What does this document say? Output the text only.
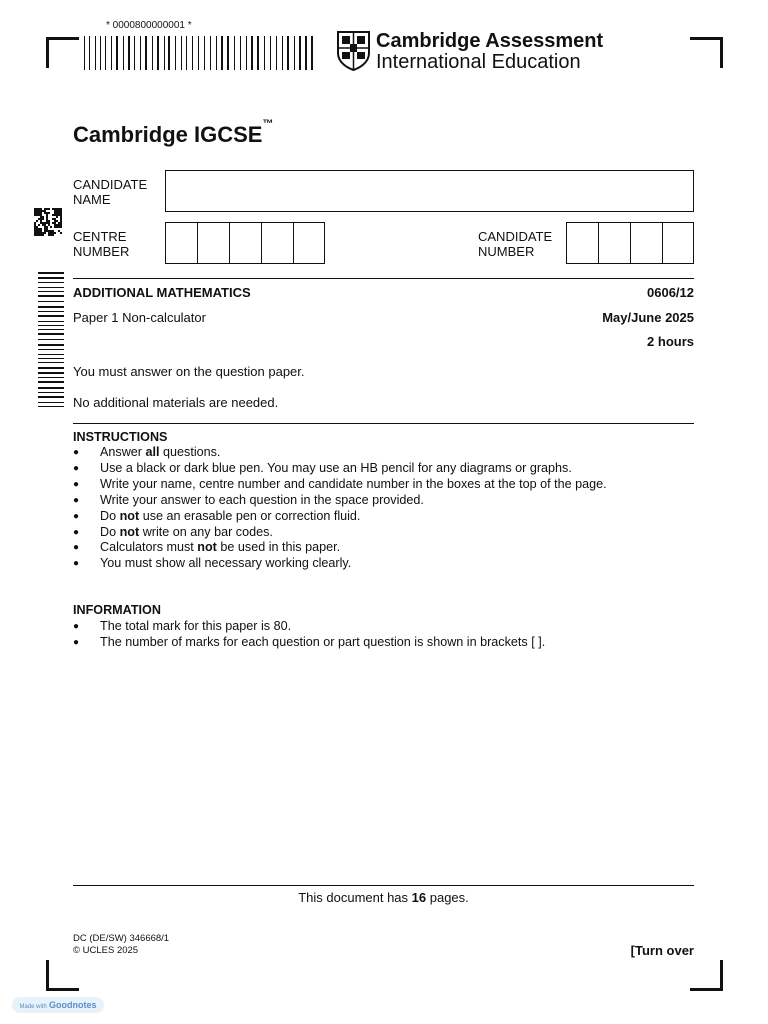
* 0000800000001 *
Cambridge Assessment
International Education
Cambridge IGCSE™
CANDIDATE
NAME
CENTRE
NUMBER
CANDIDATE
NUMBER
ADDITIONAL MATHEMATICS	0606/12
Paper 1 Non-calculator	May/June 2025
2 hours
You must answer on the question paper.
No additional materials are needed.
INSTRUCTIONS
● Answer all questions.
● Use a black or dark blue pen. You may use an HB pencil for any diagrams or graphs.
● Write your name, centre number and candidate number in the boxes at the top of the page.
● Write your answer to each question in the space provided.
● Do not use an erasable pen or correction fluid.
● Do not write on any bar codes.
● Calculators must not be used in this paper.
● You must show all necessary working clearly.
INFORMATION
● The total mark for this paper is 80.
● The number of marks for each question or part question is shown in brackets [ ].
This document has 16 pages.
DC (DE/SW) 346668/1
© UCLES 2025	[Turn over
Made with Goodnotes
